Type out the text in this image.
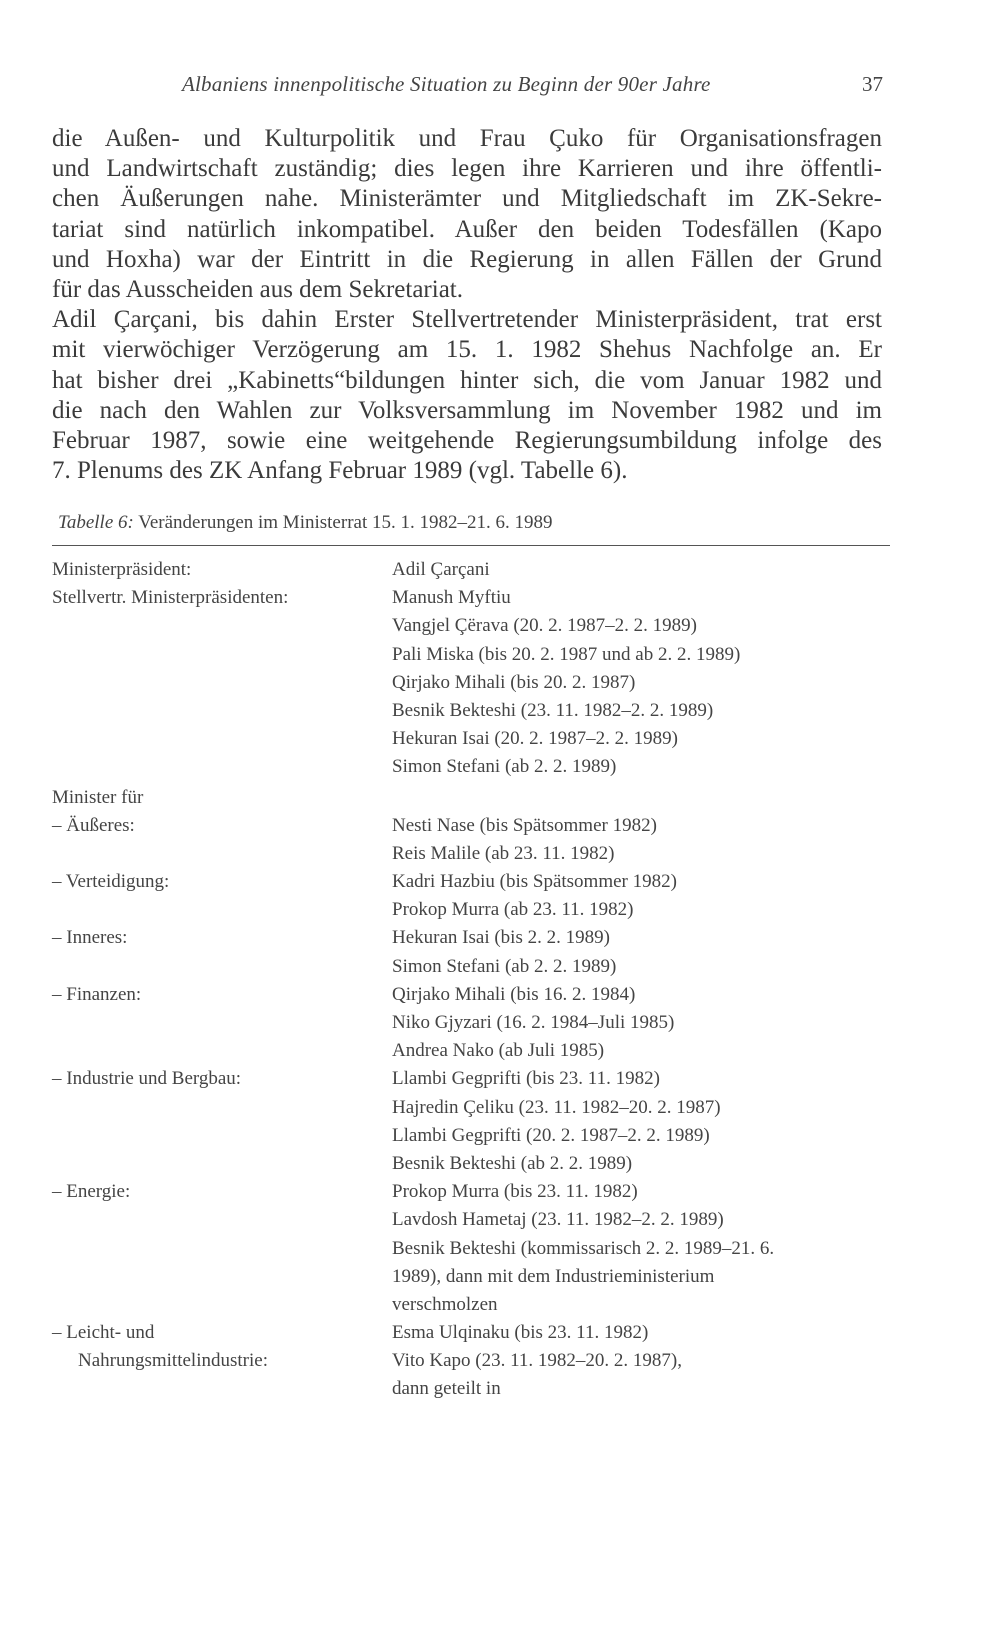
Albaniens innenpolitische Situation zu Beginn der 90er Jahre	37
die Außen- und Kulturpolitik und Frau Çuko für Organisationsfragen
und Landwirtschaft zuständig; dies legen ihre Karrieren und ihre öffentli-
chen Äußerungen nahe. Ministerämter und Mitgliedschaft im ZK-Sekre-
tariat sind natürlich inkompatibel. Außer den beiden Todesfällen (Kapo
und Hoxha) war der Eintritt in die Regierung in allen Fällen der Grund
für das Ausscheiden aus dem Sekretariat.
Adil Çarçani, bis dahin Erster Stellvertretender Ministerpräsident, trat erst
mit vierwöchiger Verzögerung am 15. 1. 1982 Shehus Nachfolge an. Er
hat bisher drei „Kabinetts“bildungen hinter sich, die vom Januar 1982 und
die nach den Wahlen zur Volksversammlung im November 1982 und im
Februar 1987, sowie eine weitgehende Regierungsumbildung infolge des
7. Plenums des ZK Anfang Februar 1989 (vgl. Tabelle 6).
Tabelle 6: Veränderungen im Ministerrat 15. 1. 1982–21. 6. 1989
Ministerpräsident:	Adil Çarçani
Stellvertr. Ministerpräsidenten:	Manush Myftiu
Vangjel Çërava (20. 2. 1987–2. 2. 1989)
Pali Miska (bis 20. 2. 1987 und ab 2. 2. 1989)
Qirjako Mihali (bis 20. 2. 1987)
Besnik Bekteshi (23. 11. 1982–2. 2. 1989)
Hekuran Isai (20. 2. 1987–2. 2. 1989)
Simon Stefani (ab 2. 2. 1989)
Minister für
– Äußeres:	Nesti Nase (bis Spätsommer 1982)
Reis Malile (ab 23. 11. 1982)
– Verteidigung:	Kadri Hazbiu (bis Spätsommer 1982)
Prokop Murra (ab 23. 11. 1982)
– Inneres:	Hekuran Isai (bis 2. 2. 1989)
Simon Stefani (ab 2. 2. 1989)
– Finanzen:	Qirjako Mihali (bis 16. 2. 1984)
Niko Gjyzari (16. 2. 1984–Juli 1985)
Andrea Nako (ab Juli 1985)
– Industrie und Bergbau:	Llambi Gegprifti (bis 23. 11. 1982)
Hajredin Çeliku (23. 11. 1982–20. 2. 1987)
Llambi Gegprifti (20. 2. 1987–2. 2. 1989)
Besnik Bekteshi (ab 2. 2. 1989)
– Energie:	Prokop Murra (bis 23. 11. 1982)
Lavdosh Hametaj (23. 11. 1982–2. 2. 1989)
Besnik Bekteshi (kommissarisch 2. 2. 1989–21. 6.
1989), dann mit dem Industrieministerium
verschmolzen
– Leicht- und	Esma Ulqinaku (bis 23. 11. 1982)
Nahrungsmittelindustrie:	Vito Kapo (23. 11. 1982–20. 2. 1987),
dann geteilt in
